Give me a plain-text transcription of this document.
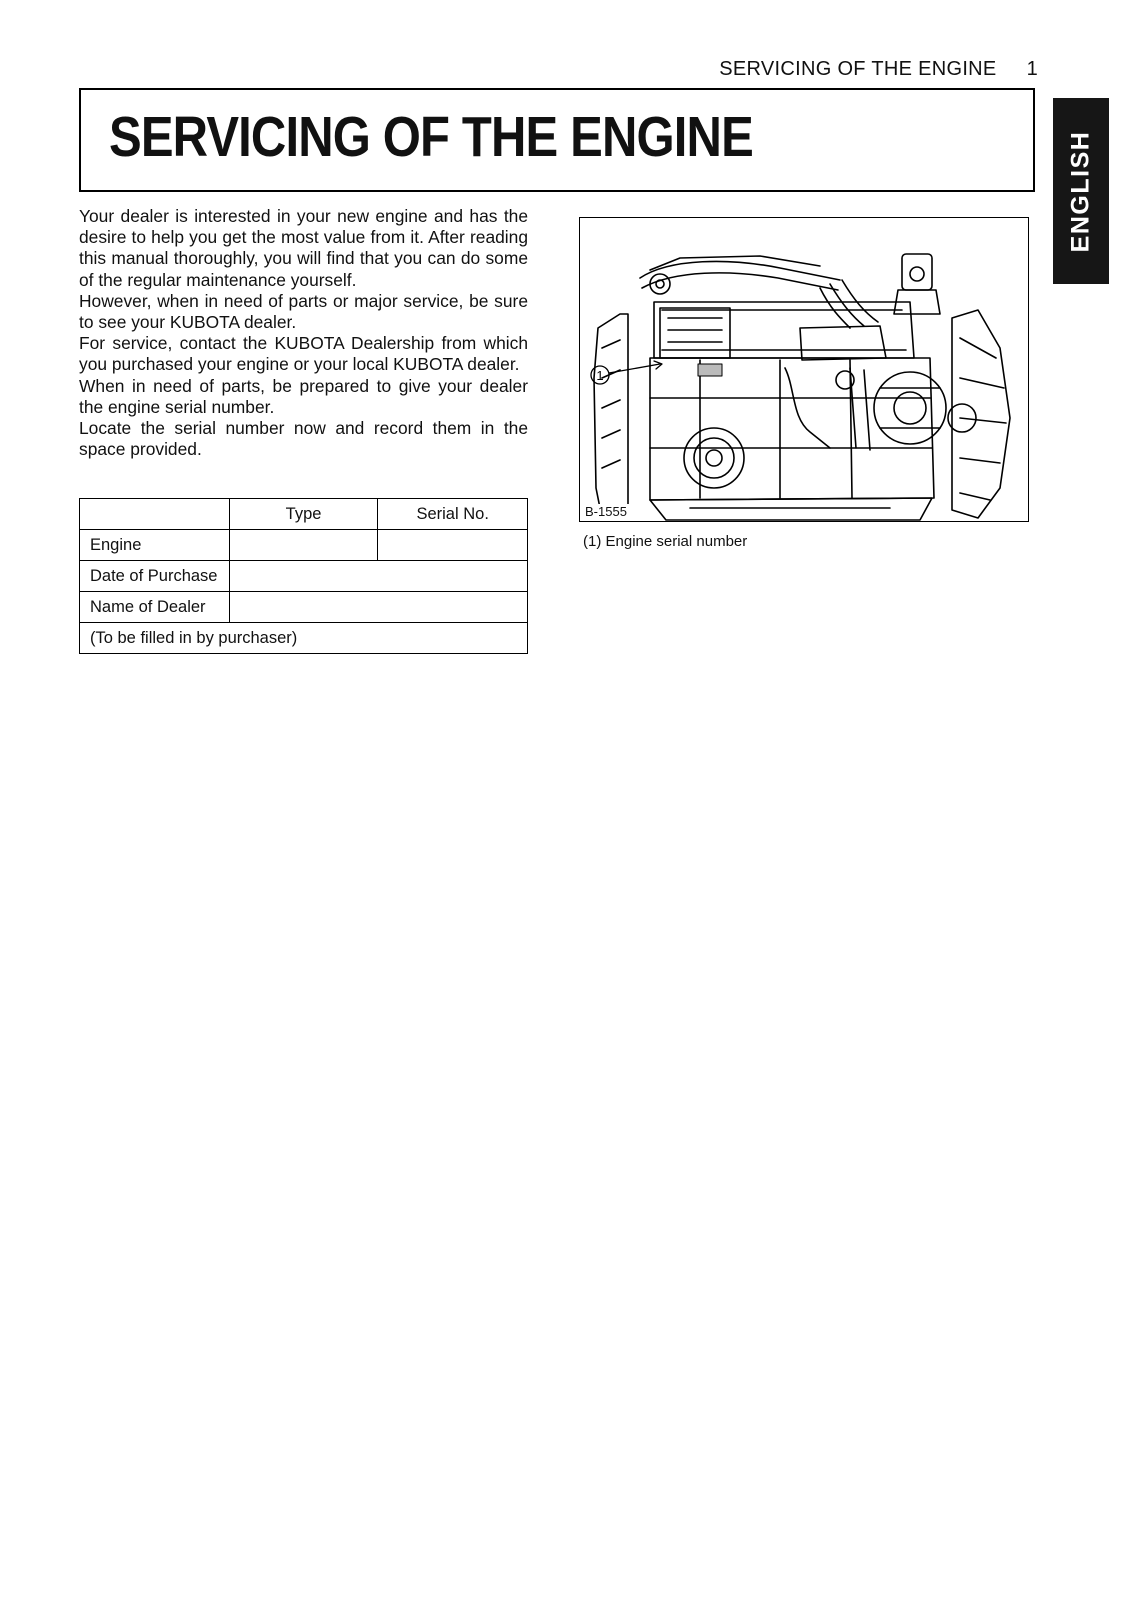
SERVICING OF THE ENGINE 1
SERVICING OF THE ENGINE	ENGLISH

Your dealer is interested in your new engine and has the desire to help you get the most value from it. After reading this manual thoroughly, you will find that you can do some of the regular maintenance yourself.

However, when in need of parts or major service, be sure to see your KUBOTA dealer.

For service, contact the KUBOTA Dealership from which you purchased your engine or your local KUBOTA dealer.

When in need of parts, be prepared to give your dealer the engine serial number.

Locate the serial number now and record them in the space provided.

	Type	Serial No.
Engine		
Date of Purchase		
Name of Dealer		
(To be filled in by purchaser)		
1
B-1555
(1) Engine serial number
